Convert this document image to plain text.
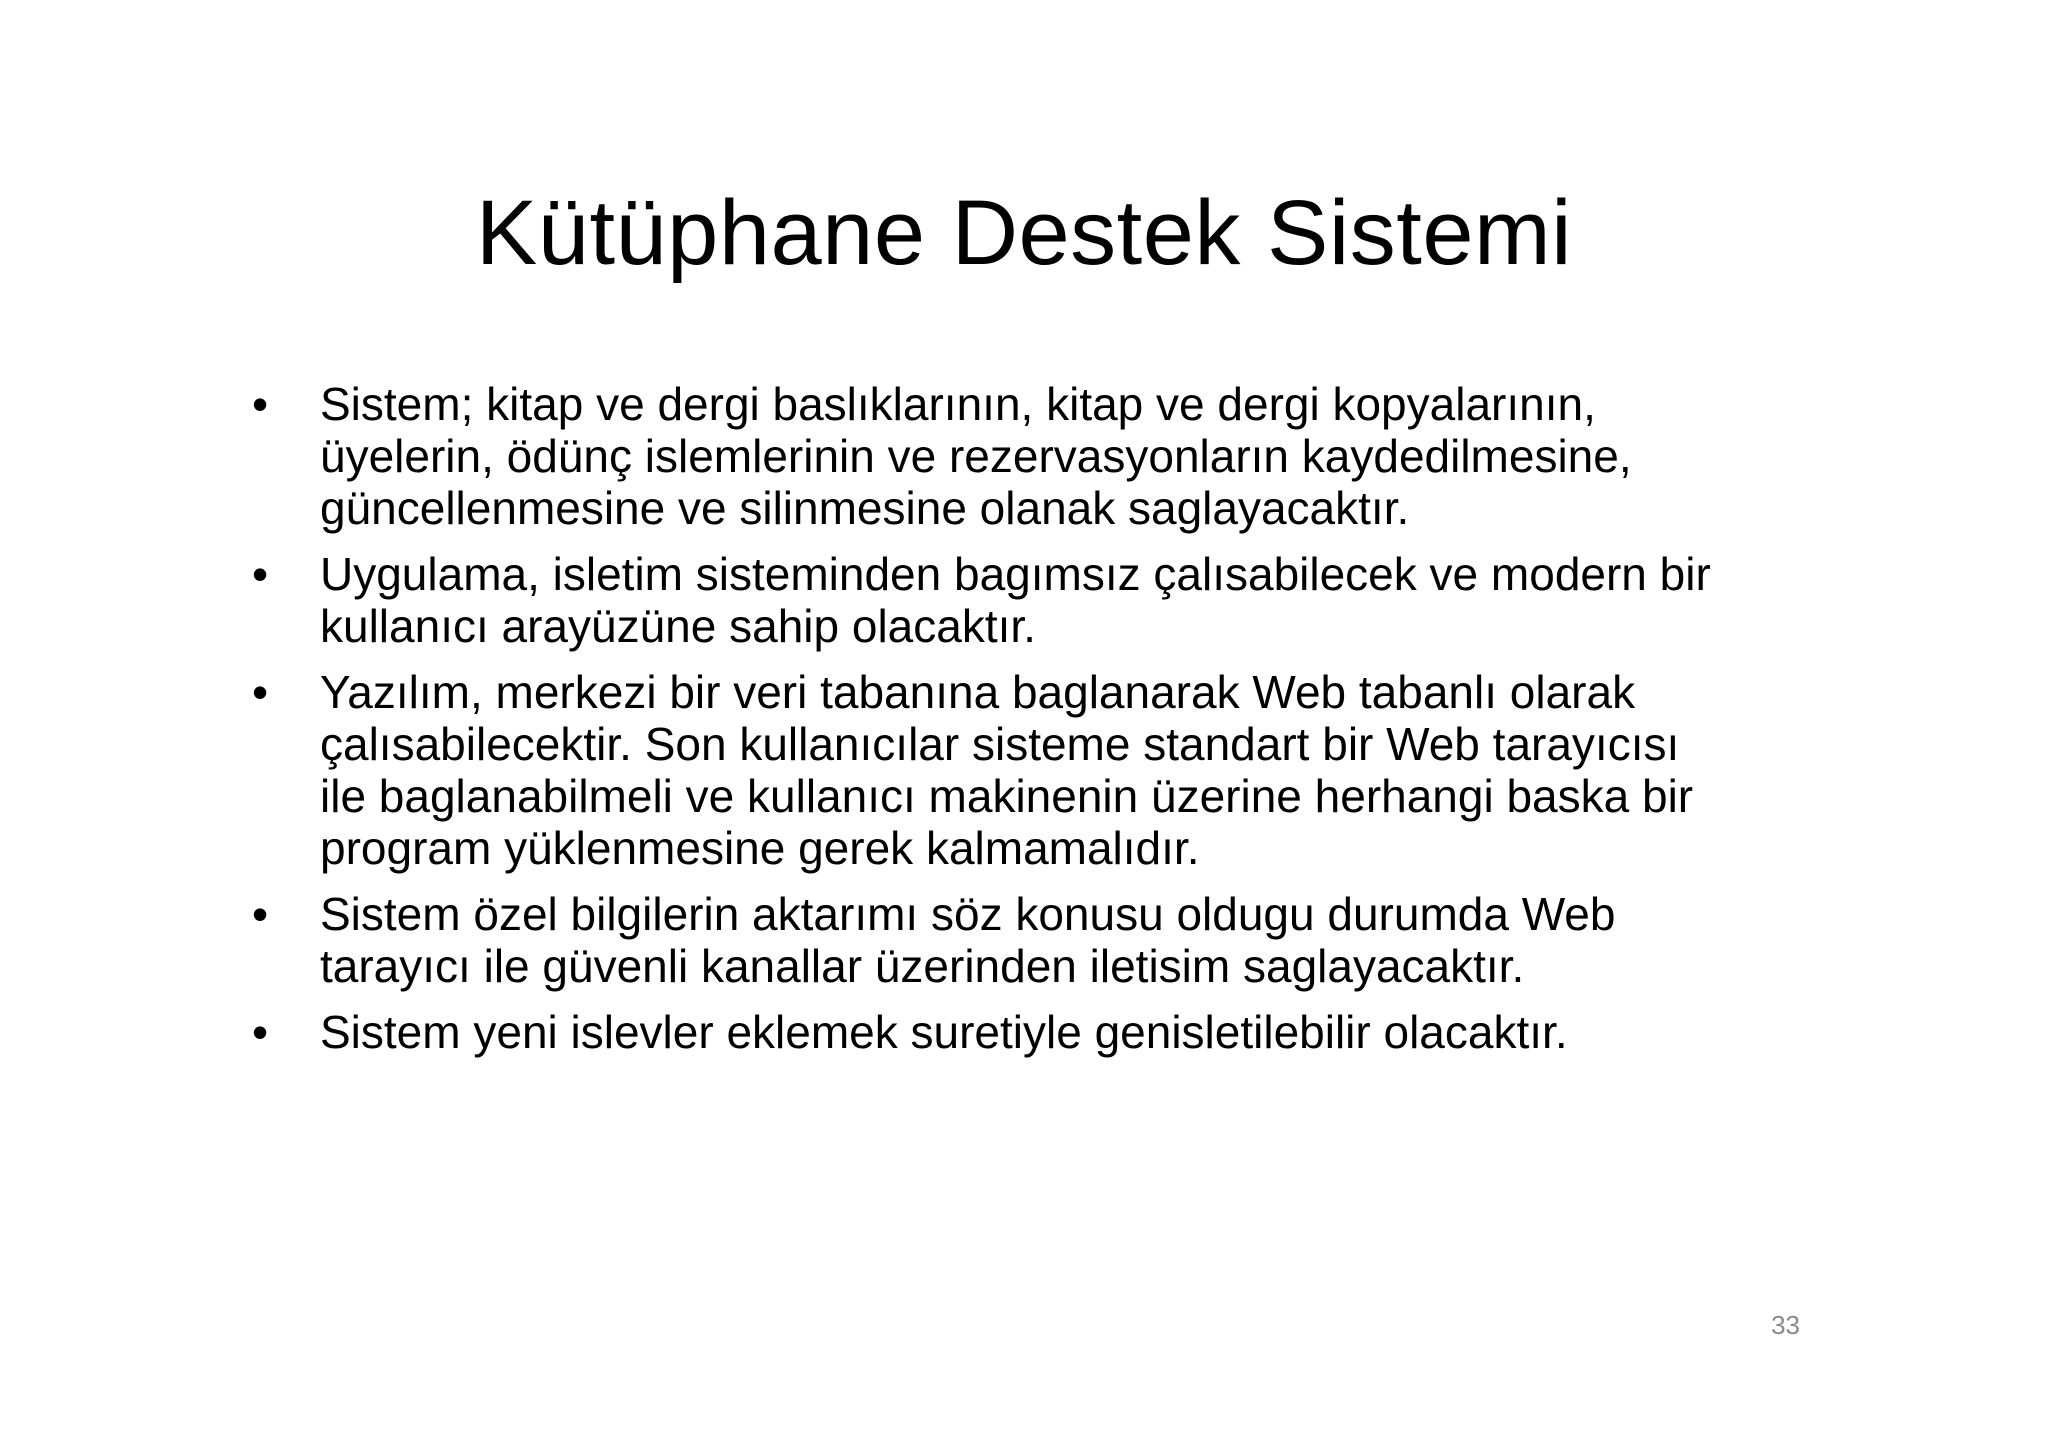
Kütüphane Destek Sistemi
•	Sistem; kitap ve dergi baslıklarının, kitap ve dergi kopyalarının,
üyelerin, ödünç islemlerinin ve rezervasyonların kaydedilmesine,
güncellenmesine ve silinmesine olanak saglayacaktır.
•	Uygulama, isletim sisteminden bagımsız çalısabilecek ve modern bir
kullanıcı arayüzüne sahip olacaktır.
•	Yazılım, merkezi bir veri tabanına baglanarak Web tabanlı olarak
çalısabilecektir. Son kullanıcılar sisteme standart bir Web tarayıcısı
ile baglanabilmeli ve kullanıcı makinenin üzerine herhangi baska bir
program yüklenmesine gerek kalmamalıdır.
•	Sistem özel bilgilerin aktarımı söz konusu oldugu durumda Web
tarayıcı ile güvenli kanallar üzerinden iletisim saglayacaktır.
•	Sistem yeni islevler eklemek suretiyle genisletilebilir olacaktır.
33
